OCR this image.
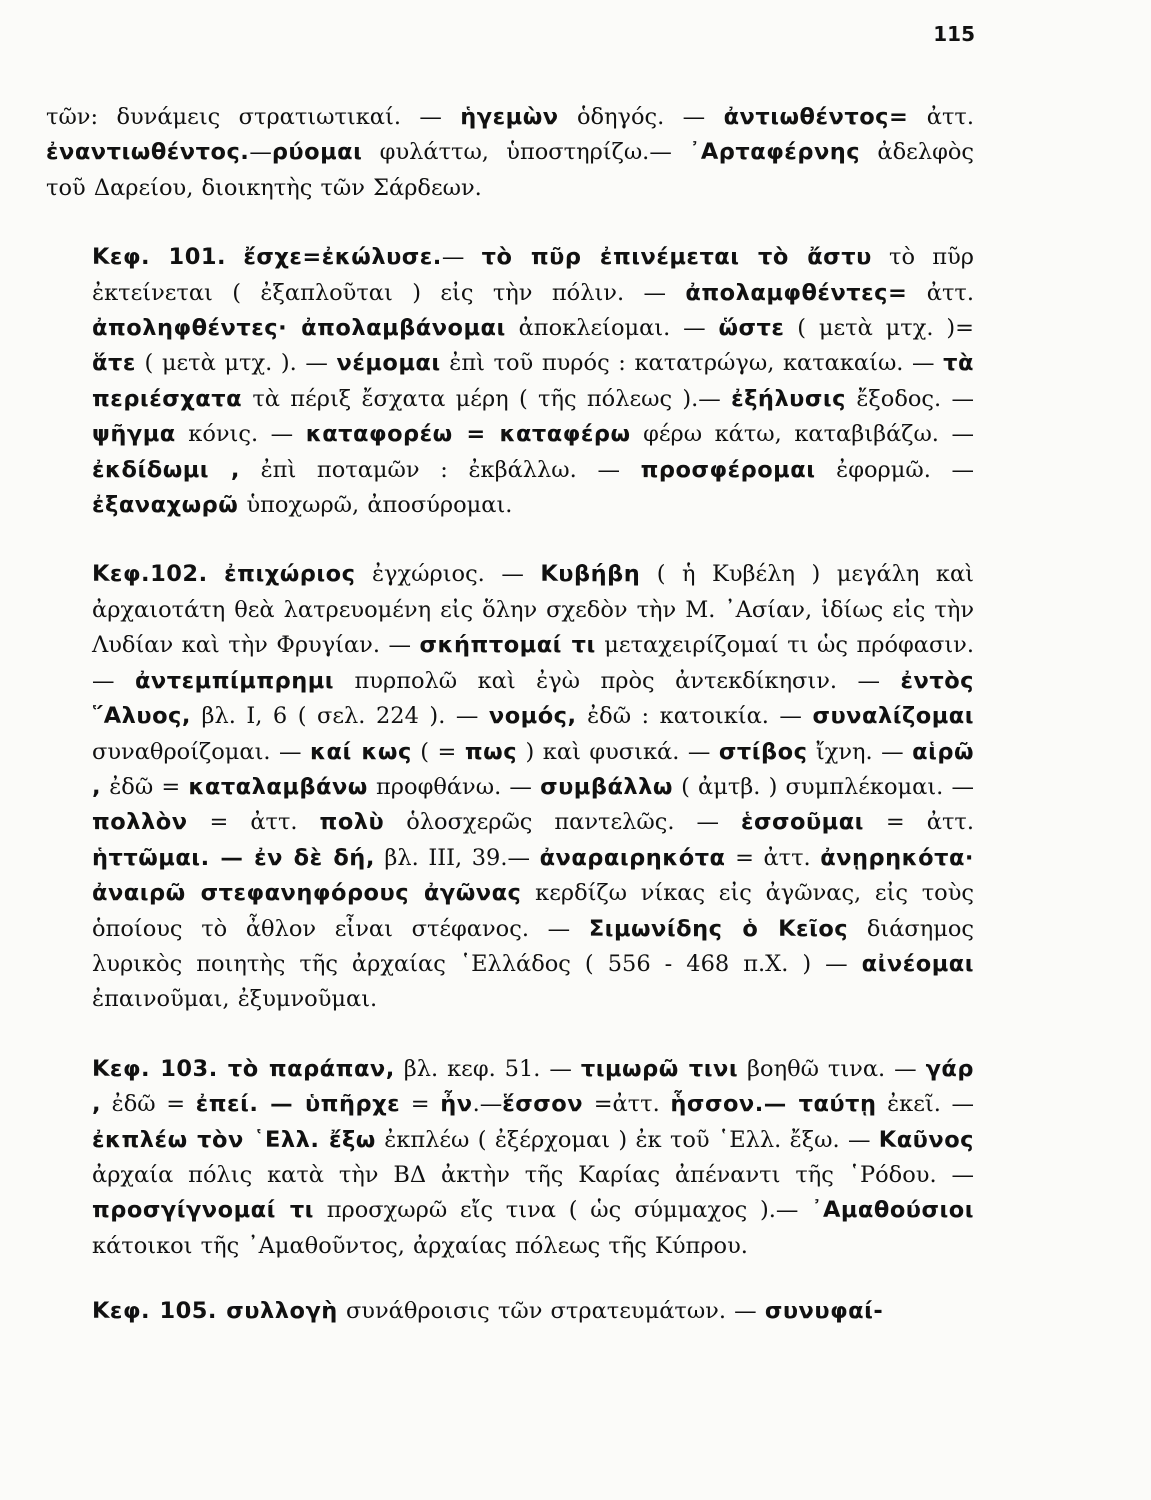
115

τῶν: δυνάμεις στρατιωτικαί. — ἡγεμὼν ὁδηγός. — ἀντιωθέντος= ἀττ. ἐναντιωθέντος.—ρύομαι φυλάττω, ὑποστηρίζω.— ᾿Αρταφέρνης ἀδελφὸς τοῦ Δαρείου, διοικητὴς τῶν Σάρδεων.

Κεφ. 101. ἔσχε=ἐκώλυσε.— τὸ πῦρ ἐπινέμεται τὸ ἄστυ τὸ πῦρ ἐκτείνεται ( ἐξαπλοῦται ) εἰς τὴν πόλιν. — ἀπολαμφθέντες= ἀττ. ἀποληφθέντες· ἀπολαμβάνομαι ἀποκλείομαι. — ὥστε ( μετὰ μτχ. )= ἅτε ( μετὰ μτχ. ). — νέμομαι ἐπὶ τοῦ πυρός : κατατρώγω, κατακαίω. — τὰ περιέσχατα τὰ πέριξ ἔσχατα μέρη ( τῆς πόλεως ).— ἐξήλυσις ἔξοδος. — ψῆγμα κόνις. — καταφορέω = καταφέρω φέρω κάτω, καταβιβάζω. — ἐκδίδωμι , ἐπὶ ποταμῶν : ἐκβάλλω. — προσφέρομαι ἐφορμῶ. — ἐξαναχωρῶ ὑποχωρῶ, ἀποσύρομαι.

Κεφ.102. ἐπιχώριος ἐγχώριος. — Κυβήβη ( ἡ Κυβέλη ) μεγάλη καὶ ἀρχαιοτάτη θεὰ λατρευομένη εἰς ὅλην σχεδὸν τὴν Μ. ᾿Ασίαν, ἰδίως εἰς τὴν Λυδίαν καὶ τὴν Φρυγίαν. — σκήπτομαί τι μεταχειρίζομαί τι ὡς πρόφασιν. — ἀντεμπίμπρημι πυρπολῶ καὶ ἐγὼ πρὸς ἀντεκδίκησιν. — ἐντὸς ῞Αλυος, βλ. Ι, 6 ( σελ. 224 ). — νομός, ἐδῶ : κατοικία. — συναλίζομαι συναθροίζομαι. — καί κως ( = πως ) καὶ φυσικά. — στίβος ἴχνη. — αἱρῶ , ἐδῶ = καταλαμβάνω προφθάνω. — συμβάλλω ( ἀμτβ. ) συμπλέκομαι. — πολλὸν = ἀττ. πολὺ ὁλοσχερῶς παντελῶς. — ἑσσοῦμαι = ἀττ. ἡττῶμαι. — ἐν δὲ δή, βλ. ΙΙΙ, 39.— ἀναραιρηκότα = ἀττ. ἀνῃρηκότα· ἀναιρῶ στεφανηφόρους ἀγῶνας κερδίζω νίκας εἰς ἀγῶνας, εἰς τοὺς ὁποίους τὸ ἆθλον εἶναι στέφανος. — Σιμωνίδης ὁ Κεῖος διάσημος λυρικὸς ποιητὴς τῆς ἀρχαίας ῾Ελλάδος ( 556 - 468 π.Χ. ) — αἰνέομαι ἐπαινοῦμαι, ἐξυμνοῦμαι.

Κεφ. 103. τὸ παράπαν, βλ. κεφ. 51. — τιμωρῶ τινι βοηθῶ τινα. — γάρ , ἐδῶ = ἐπεί. — ὑπῆρχε = ἦν.—ἕσσον =ἀττ. ἧσσον.— ταύτῃ ἐκεῖ. — ἐκπλέω τὸν ῾Ελλ. ἔξω ἐκπλέω ( ἐξέρχομαι ) ἐκ τοῦ ῾Ελλ. ἔξω. — Καῦνος ἀρχαία πόλις κατὰ τὴν ΒΔ ἀκτὴν τῆς Καρίας ἀπέναντι τῆς ῾Ρόδου. — προσγίγνομαί τι προσχωρῶ εἴς τινα ( ὡς σύμμαχος ).— ᾿Αμαθούσιοι κάτοικοι τῆς ᾿Αμαθοῦντος, ἀρχαίας πόλεως τῆς Κύπρου.

Κεφ. 105. συλλογὴ συνάθροισις τῶν στρατευμάτων. — συνυφαί-
